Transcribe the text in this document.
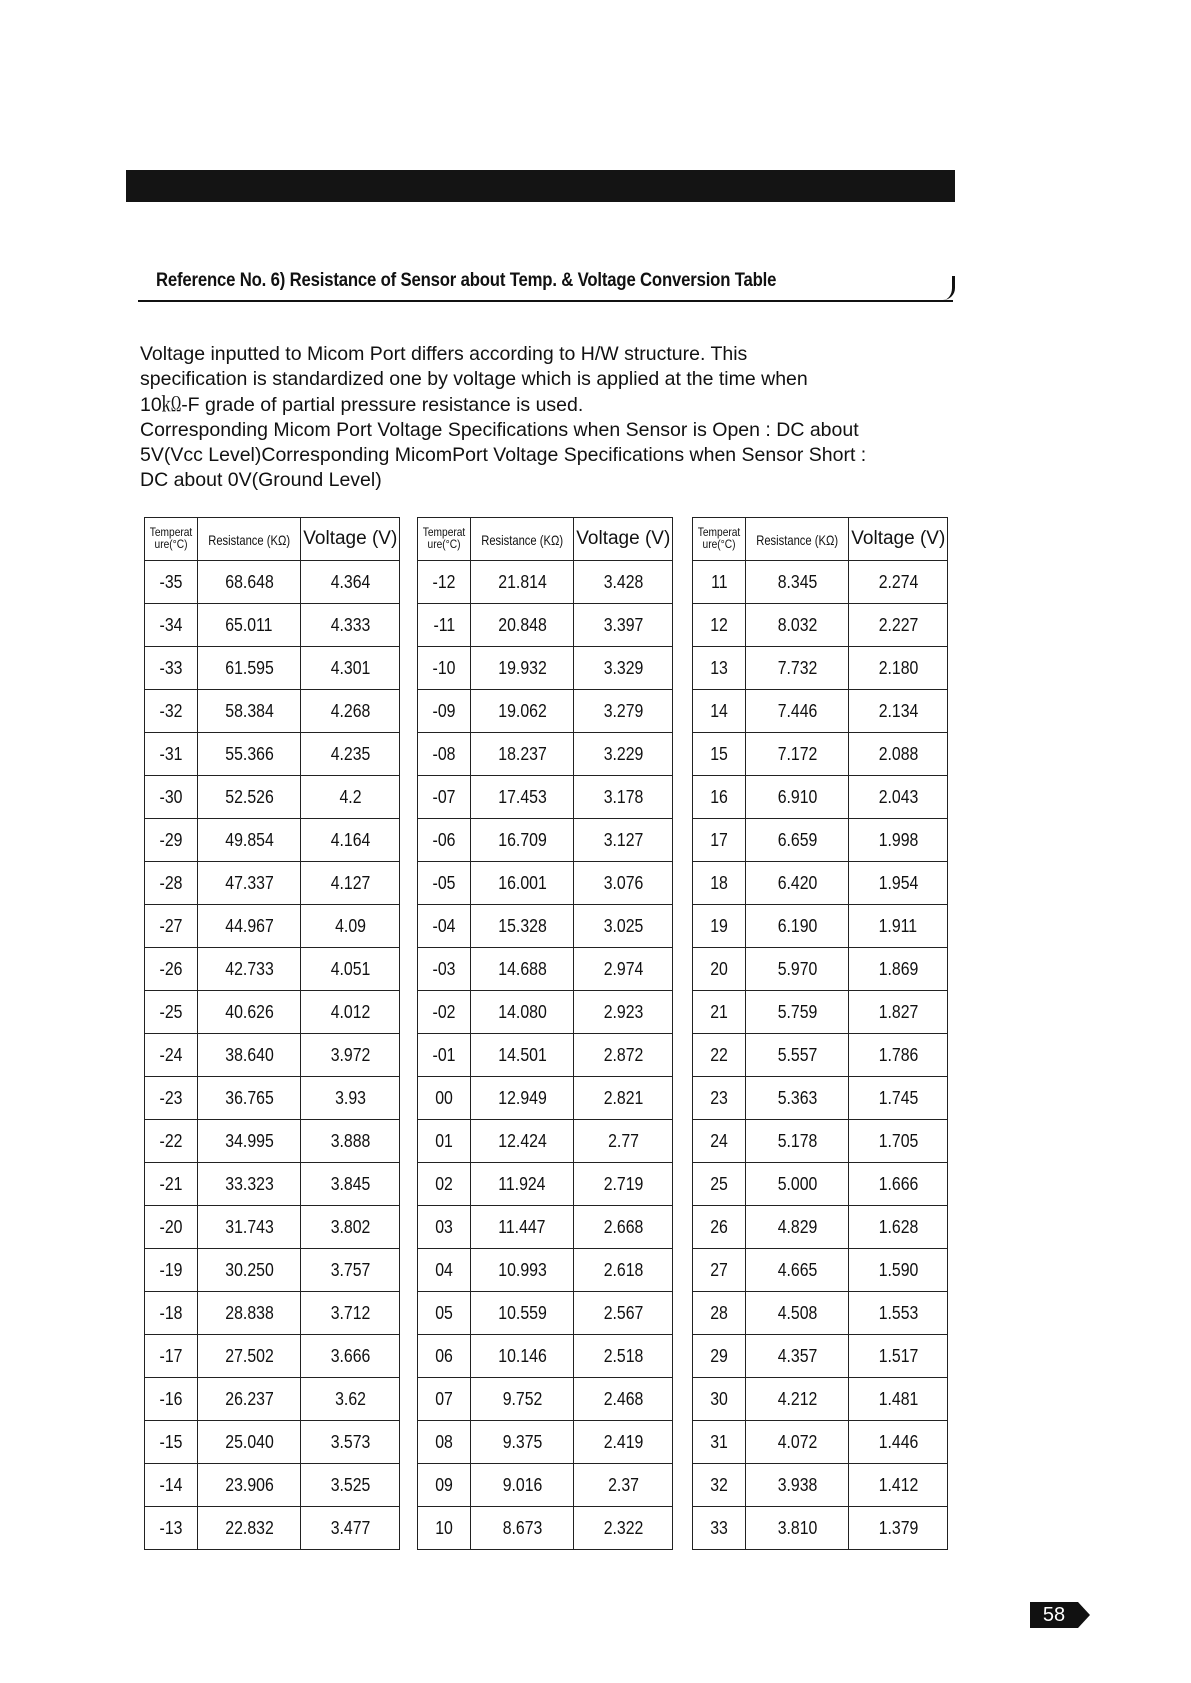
Reference No. 6) Resistance of Sensor about Temp. & Voltage Conversion Table
Voltage inputted to Micom Port differs according to H/W structure. This
specification is standardized one by voltage which is applied at the time when
10㏀-F grade of partial pressure resistance is used.
Corresponding Micom Port Voltage Specifications when Sensor is Open : DC about
5V(Vcc Level)Corresponding MicomPort Voltage Specifications when Sensor Short :
DC about 0V(Ground Level)
Temperat
ure(°C)	Resistance (KΩ)	Voltage (V)
-35	68.648	4.364
-34	65.011	4.333
-33	61.595	4.301
-32	58.384	4.268
-31	55.366	4.235
-30	52.526	4.2
-29	49.854	4.164
-28	47.337	4.127
-27	44.967	4.09
-26	42.733	4.051
-25	40.626	4.012
-24	38.640	3.972
-23	36.765	3.93
-22	34.995	3.888
-21	33.323	3.845
-20	31.743	3.802
-19	30.250	3.757
-18	28.838	3.712
-17	27.502	3.666
-16	26.237	3.62
-15	25.040	3.573
-14	23.906	3.525
-13	22.832	3.477
Temperat
ure(°C)	Resistance (KΩ)	Voltage (V)
-12	21.814	3.428
-11	20.848	3.397
-10	19.932	3.329
-09	19.062	3.279
-08	18.237	3.229
-07	17.453	3.178
-06	16.709	3.127
-05	16.001	3.076
-04	15.328	3.025
-03	14.688	2.974
-02	14.080	2.923
-01	14.501	2.872
00	12.949	2.821
01	12.424	2.77
02	11.924	2.719
03	11.447	2.668
04	10.993	2.618
05	10.559	2.567
06	10.146	2.518
07	9.752	2.468
08	9.375	2.419
09	9.016	2.37
10	8.673	2.322
Temperat
ure(°C)	Resistance (KΩ)	Voltage (V)
11	8.345	2.274
12	8.032	2.227
13	7.732	2.180
14	7.446	2.134
15	7.172	2.088
16	6.910	2.043
17	6.659	1.998
18	6.420	1.954
19	6.190	1.911
20	5.970	1.869
21	5.759	1.827
22	5.557	1.786
23	5.363	1.745
24	5.178	1.705
25	5.000	1.666
26	4.829	1.628
27	4.665	1.590
28	4.508	1.553
29	4.357	1.517
30	4.212	1.481
31	4.072	1.446
32	3.938	1.412
33	3.810	1.379
58
